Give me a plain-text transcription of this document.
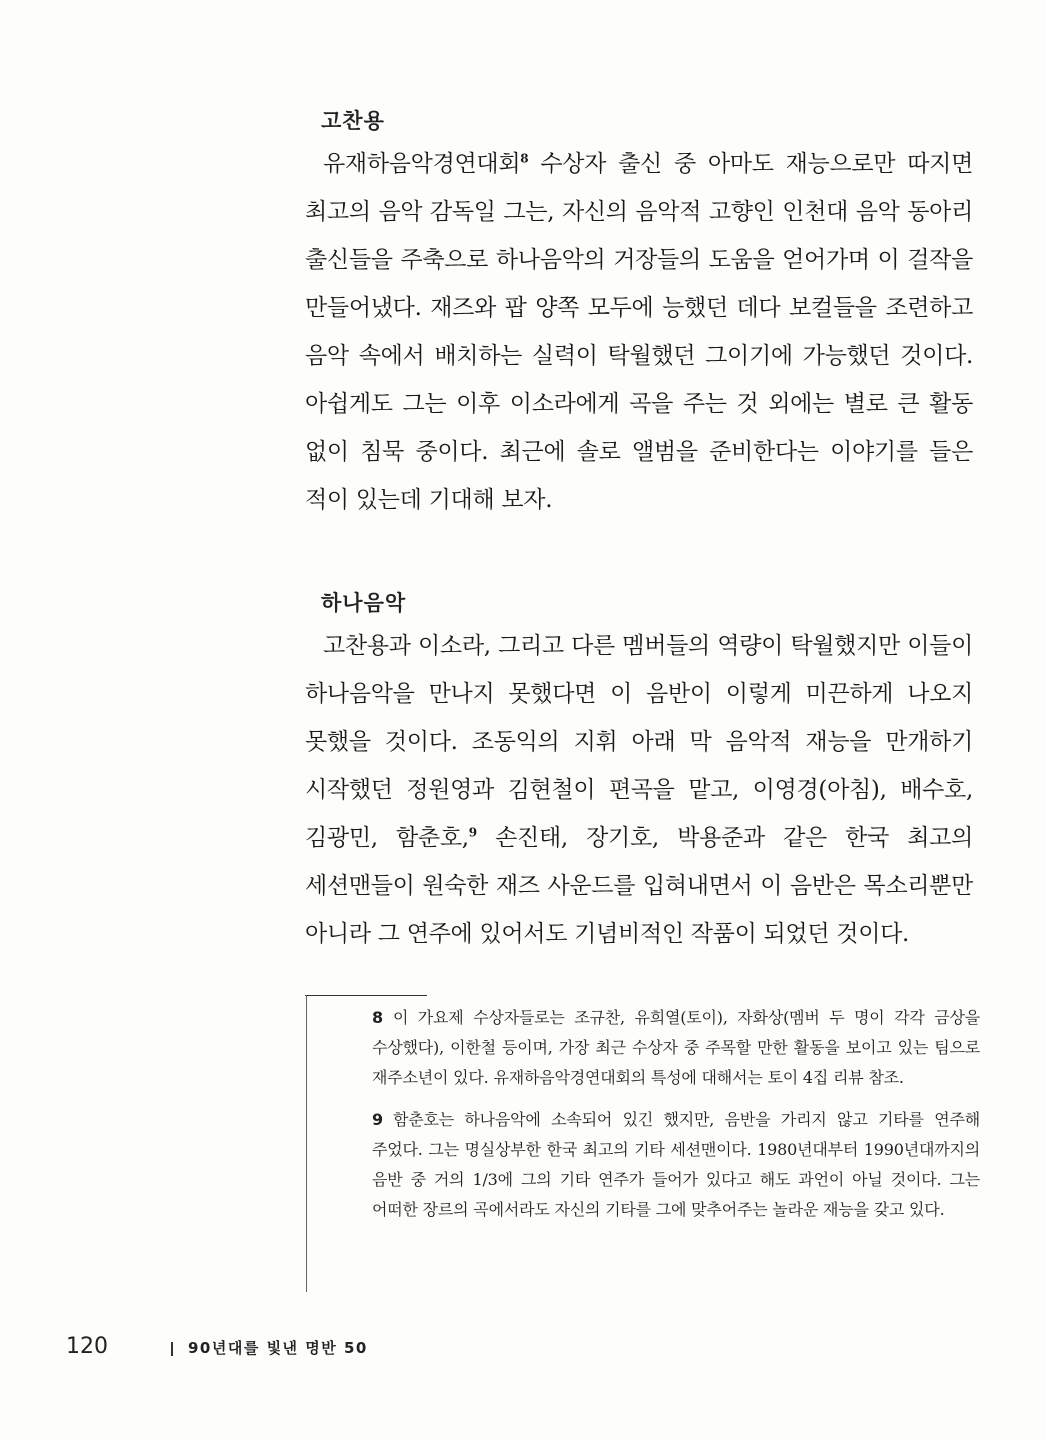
고찬용

유재하음악경연대회$^8$ 수상자 출신 중 아마도 재능으로만 따지면 최고의 음악 감독일 그는, 자신의 음악적 고향인 인천대 음악 동아리 출신들을 주축으로 하나음악의 거장들의 도움을 얻어가며 이 걸작을 만들어냈다. 재즈와 팝 양쪽 모두에 능했던 데다 보컬들을 조련하고 음악 속에서 배치하는 실력이 탁월했던 그이기에 가능했던 것이다. 아쉽게도 그는 이후 이소라에게 곡을 주는 것 외에는 별로 큰 활동 없이 침묵 중이다. 최근에 솔로 앨범을 준비한다는 이야기를 들은 적이 있는데 기대해 보자.

하나음악

고찬용과 이소라, 그리고 다른 멤버들의 역량이 탁월했지만 이들이 하나음악을 만나지 못했다면 이 음반이 이렇게 미끈하게 나오지 못했을 것이다. 조동익의 지휘 아래 막 음악적 재능을 만개하기 시작했던 정원영과 김현철이 편곡을 맡고, 이영경(아침), 배수호, 김광민, 함춘호,$^9$ 손진태, 장기호, 박용준과 같은 한국 최고의 세션맨들이 원숙한 재즈 사운드를 입혀내면서 이 음반은 목소리뿐만 아니라 그 연주에 있어서도 기념비적인 작품이 되었던 것이다.

8 이 가요제 수상자들로는 조규찬, 유희열(토이), 자화상(멤버 두 명이 각각 금상을 수상했다), 이한철 등이며, 가장 최근 수상자 중 주목할 만한 활동을 보이고 있는 팀으로 재주소년이 있다. 유재하음악경연대회의 특성에 대해서는 토이 4집 리뷰 참조.

9 함춘호는 하나음악에 소속되어 있긴 했지만, 음반을 가리지 않고 기타를 연주해 주었다. 그는 명실상부한 한국 최고의 기타 세션맨이다. 1980년대부터 1990년대까지의 음반 중 거의 1/3에 그의 기타 연주가 들어가 있다고 해도 과언이 아닐 것이다. 그는 어떠한 장르의 곡에서라도 자신의 기타를 그에 맞추어주는 놀라운 재능을 갖고 있다.

120	90년대를 빛낸 명반 50
